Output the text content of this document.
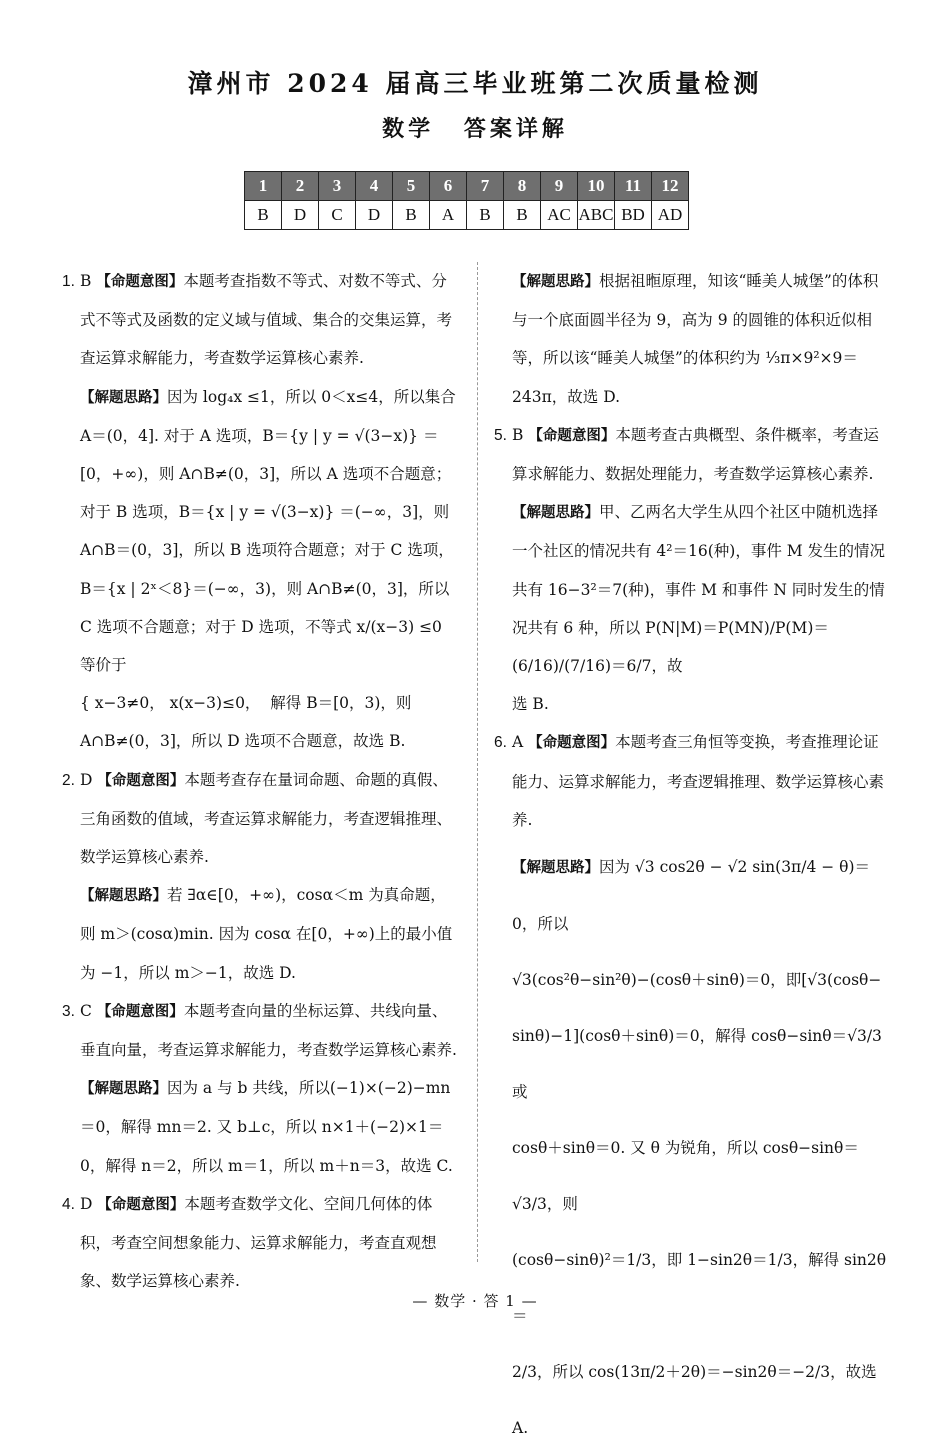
漳州市 2024 届高三毕业班第二次质量检测
数学 答案详解
1	2	3	4	5	6	7	8	9	10	11	12
B	D	C	D	B	A	B	B	AC	ABC	BD	AD
1. B 【命题意图】本题考查指数不等式、对数不等式、分式不等式及函数的定义域与值域、集合的交集运算，考查运算求解能力，考查数学运算核心素养.
【解题思路】因为 log₄x ≤1，所以 0＜x≤4，所以集合 A＝(0，4]. 对于 A 选项，B＝{y | y = √(3−x)} ＝ [0，+∞)，则 A∩B≠(0，3]，所以 A 选项不合题意；对于 B 选项，B＝{x | y = √(3−x)} ＝(−∞，3]，则 A∩B＝(0，3]，所以 B 选项符合题意；对于 C 选项，B＝{x | 2ˣ＜8}＝(−∞，3)，则 A∩B≠(0，3]，所以 C 选项不合题意；对于 D 选项，不等式 x/(x−3) ≤0 等价于
{ x−3≠0， x(x−3)≤0， 解得 B＝[0，3)，则 A∩B≠(0，3]，所以 D 选项不合题意，故选 B.
2. D 【命题意图】本题考查存在量词命题、命题的真假、三角函数的值域，考查运算求解能力，考查逻辑推理、数学运算核心素养.
【解题思路】若 ∃α∈[0，+∞)，cosα＜m 为真命题，则 m＞(cosα)min. 因为 cosα 在[0，+∞)上的最小值为 −1，所以 m＞−1，故选 D.
3. C 【命题意图】本题考查向量的坐标运算、共线向量、垂直向量，考查运算求解能力，考查数学运算核心素养.
【解题思路】因为 a 与 b 共线，所以(−1)×(−2)−mn＝0，解得 mn＝2. 又 b⊥c，所以 n×1＋(−2)×1＝0，解得 n＝2，所以 m＝1，所以 m＋n＝3，故选 C.
4. D 【命题意图】本题考查数学文化、空间几何体的体积，考查空间想象能力、运算求解能力，考查直观想象、数学运算核心素养.
【解题思路】根据祖暅原理，知该“睡美人城堡”的体积与一个底面圆半径为 9，高为 9 的圆锥的体积近似相等，所以该“睡美人城堡”的体积约为 ⅓π×9²×9＝
243π，故选 D.
5. B 【命题意图】本题考查古典概型、条件概率，考查运算求解能力、数据处理能力，考查数学运算核心素养.
【解题思路】甲、乙两名大学生从四个社区中随机选择一个社区的情况共有 4²＝16(种)，事件 M 发生的情况共有 16−3²＝7(种)，事件 M 和事件 N 同时发生的情况共有 6 种，所以 P(N|M)＝P(MN)/P(M)＝(6/16)/(7/16)＝6/7，故
选 B.
6. A 【命题意图】本题考查三角恒等变换，考查推理论证能力、运算求解能力，考查逻辑推理、数学运算核心素养.
【解题思路】因为 √3 cos2θ − √2 sin(3π/4 − θ)＝0，所以
√3(cos²θ−sin²θ)−(cosθ＋sinθ)＝0，即[√3(cosθ−
sinθ)−1](cosθ＋sinθ)＝0，解得 cosθ−sinθ＝√3/3 或
cosθ＋sinθ＝0. 又 θ 为锐角，所以 cosθ−sinθ＝√3/3，则
(cosθ−sinθ)²＝1/3，即 1−sin2θ＝1/3，解得 sin2θ＝
2/3，所以 cos(13π/2＋2θ)＝−sin2θ＝−2/3，故选 A.
— 数学 · 答 1 —
